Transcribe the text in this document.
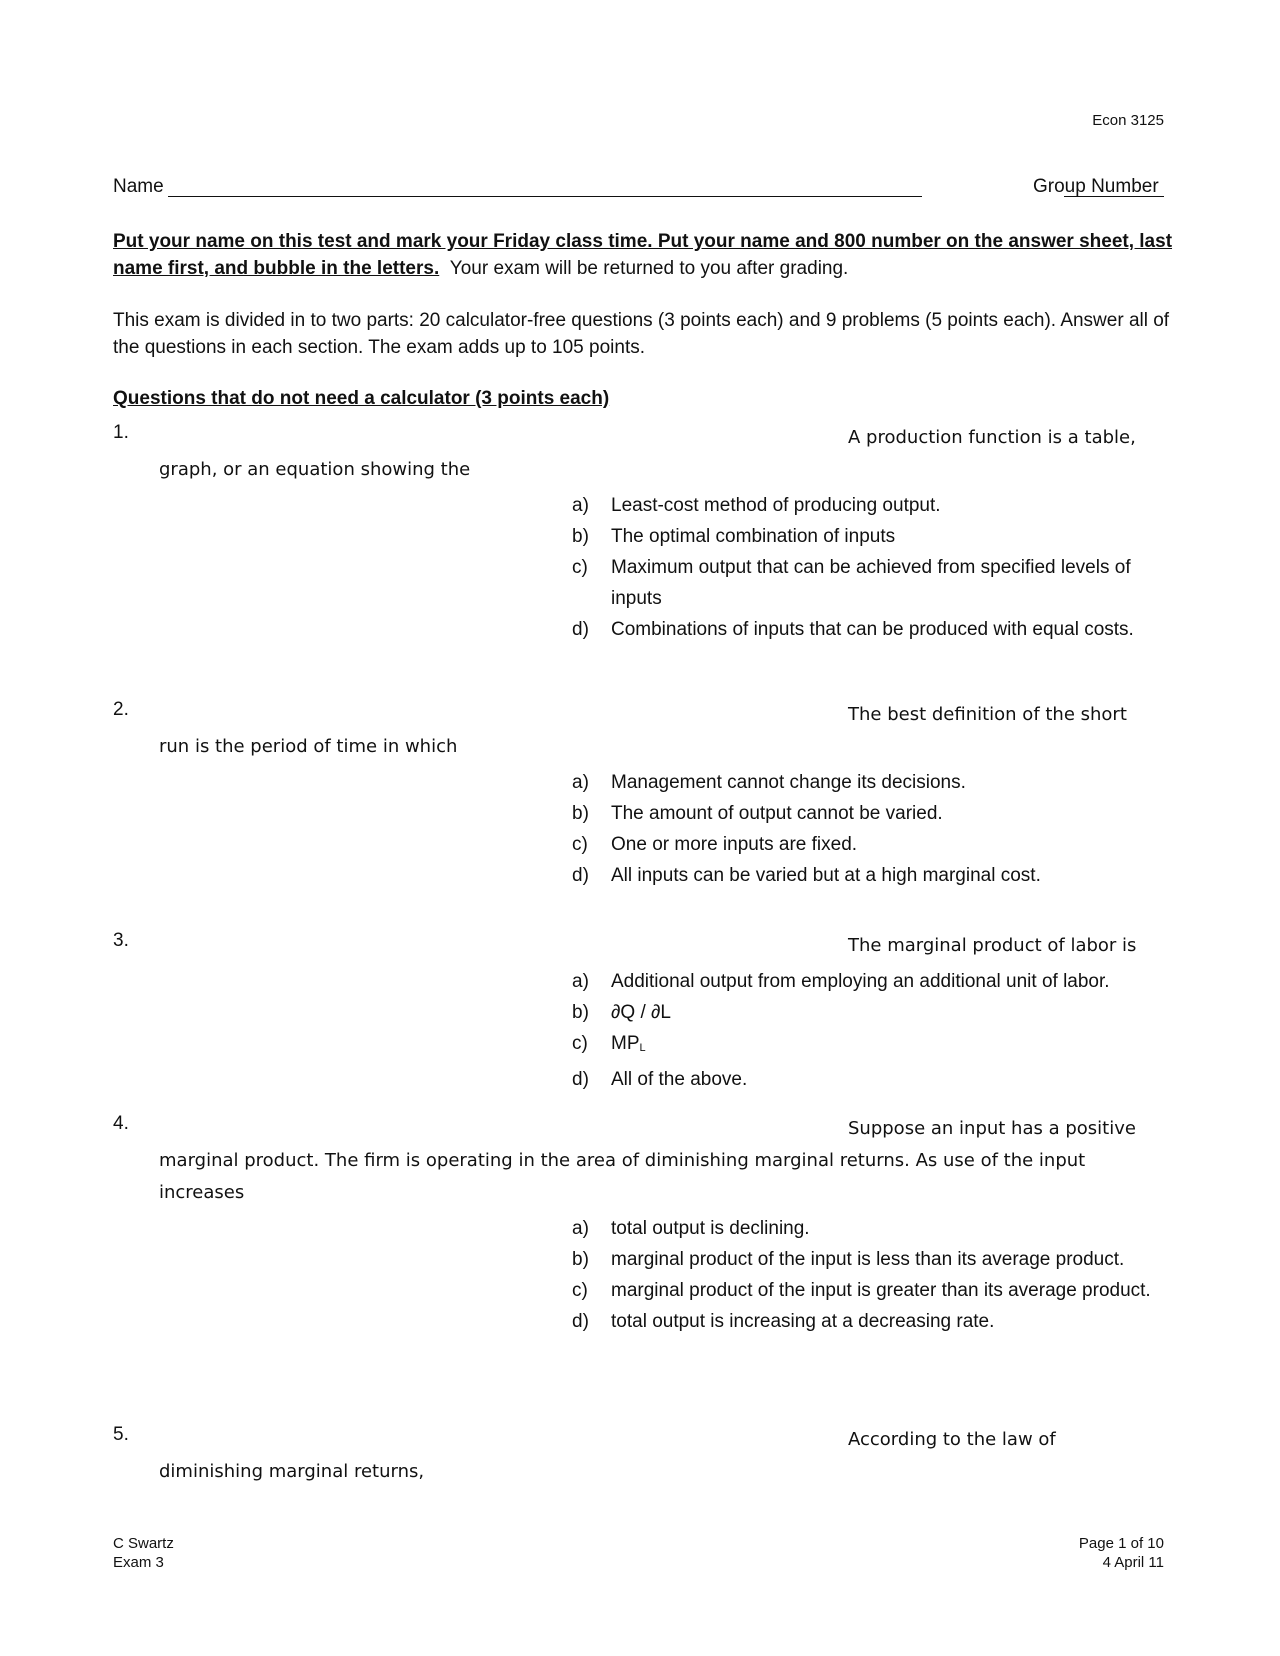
Econ 3125
Name	Group Number
Put your name on this test and mark your Friday class time. Put your name and 800 number on the answer sheet, last name first, and bubble in the letters. Your exam will be returned to you after grading.
This exam is divided in to two parts: 20 calculator-free questions (3 points each) and 9 problems (5 points each). Answer all of the questions in each section. The exam adds up to 105 points.
Questions that do not need a calculator (3 points each)
1.	A production function is a table,
graph, or an equation showing the
a) Least-cost method of producing output.
b) The optimal combination of inputs
c) Maximum output that can be achieved from specified levels of inputs
d) Combinations of inputs that can be produced with equal costs.
2.	The best definition of the short
run is the period of time in which
a) Management cannot change its decisions.
b) The amount of output cannot be varied.
c) One or more inputs are fixed.
d) All inputs can be varied but at a high marginal cost.
3.	The marginal product of labor is
a) Additional output from employing an additional unit of labor.
b) ∂Q / ∂L
c) $MP_L$
d) All of the above.
4.	Suppose an input has a positive
marginal product. The firm is operating in the area of diminishing marginal returns. As use of the input increases
a) total output is declining.
b) marginal product of the input is less than its average product.
c) marginal product of the input is greater than its average product.
d) total output is increasing at a decreasing rate.
5.	According to the law of
diminishing marginal returns,
C Swartz
Exam 3
Page 1 of 10
4 April 11
